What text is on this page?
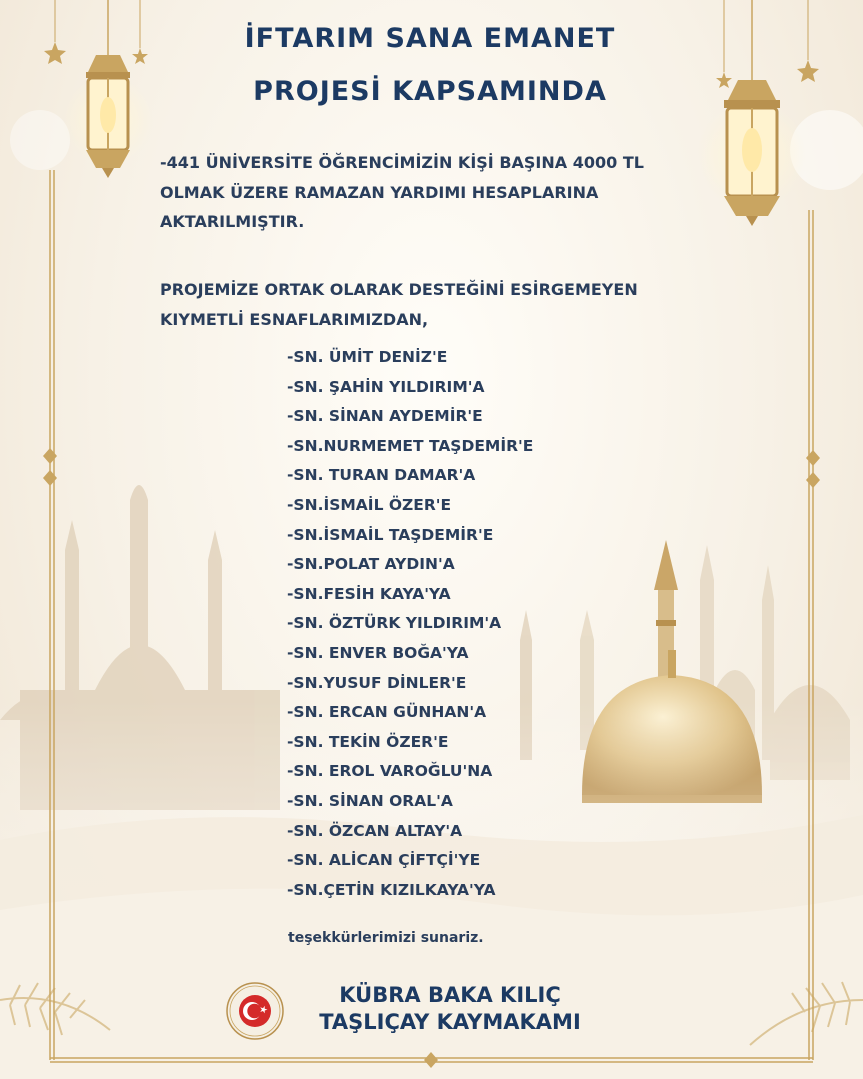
İFTARIM SANA EMANET
PROJESİ KAPSAMINDA
-441 ÜNİVERSİTE ÖĞRENCİMİZİN KİŞİ BAŞINA 4000 TL
OLMAK ÜZERE RAMAZAN YARDIMI HESAPLARINA
AKTARILMIŞTIR.
PROJEMİZE ORTAK OLARAK DESTEĞİNİ ESİRGEMEYEN
KIYMETLİ ESNAFLARIMIZDAN,
-SN. ÜMİT DENİZ'E
-SN. ŞAHİN YILDIRIM'A
-SN. SİNAN AYDEMİR'E
-SN.NURMEMET TAŞDEMİR'E
-SN. TURAN DAMAR'A
-SN.İSMAİL ÖZER'E
-SN.İSMAİL TAŞDEMİR'E
-SN.POLAT AYDIN'A
-SN.FESİH KAYA'YA
-SN. ÖZTÜRK YILDIRIM'A
-SN. ENVER BOĞA'YA
-SN.YUSUF DİNLER'E
-SN. ERCAN GÜNHAN'A
-SN. TEKİN ÖZER'E
-SN. EROL VAROĞLU'NA
-SN. SİNAN ORAL'A
-SN. ÖZCAN ALTAY'A
-SN. ALİCAN ÇİFTÇİ'YE
-SN.ÇETİN KIZILKAYA'YA
teşekkürlerimizi sunariz.
KÜBRA BAKA KILIÇ
TAŞLIÇAY KAYMAKAMI
